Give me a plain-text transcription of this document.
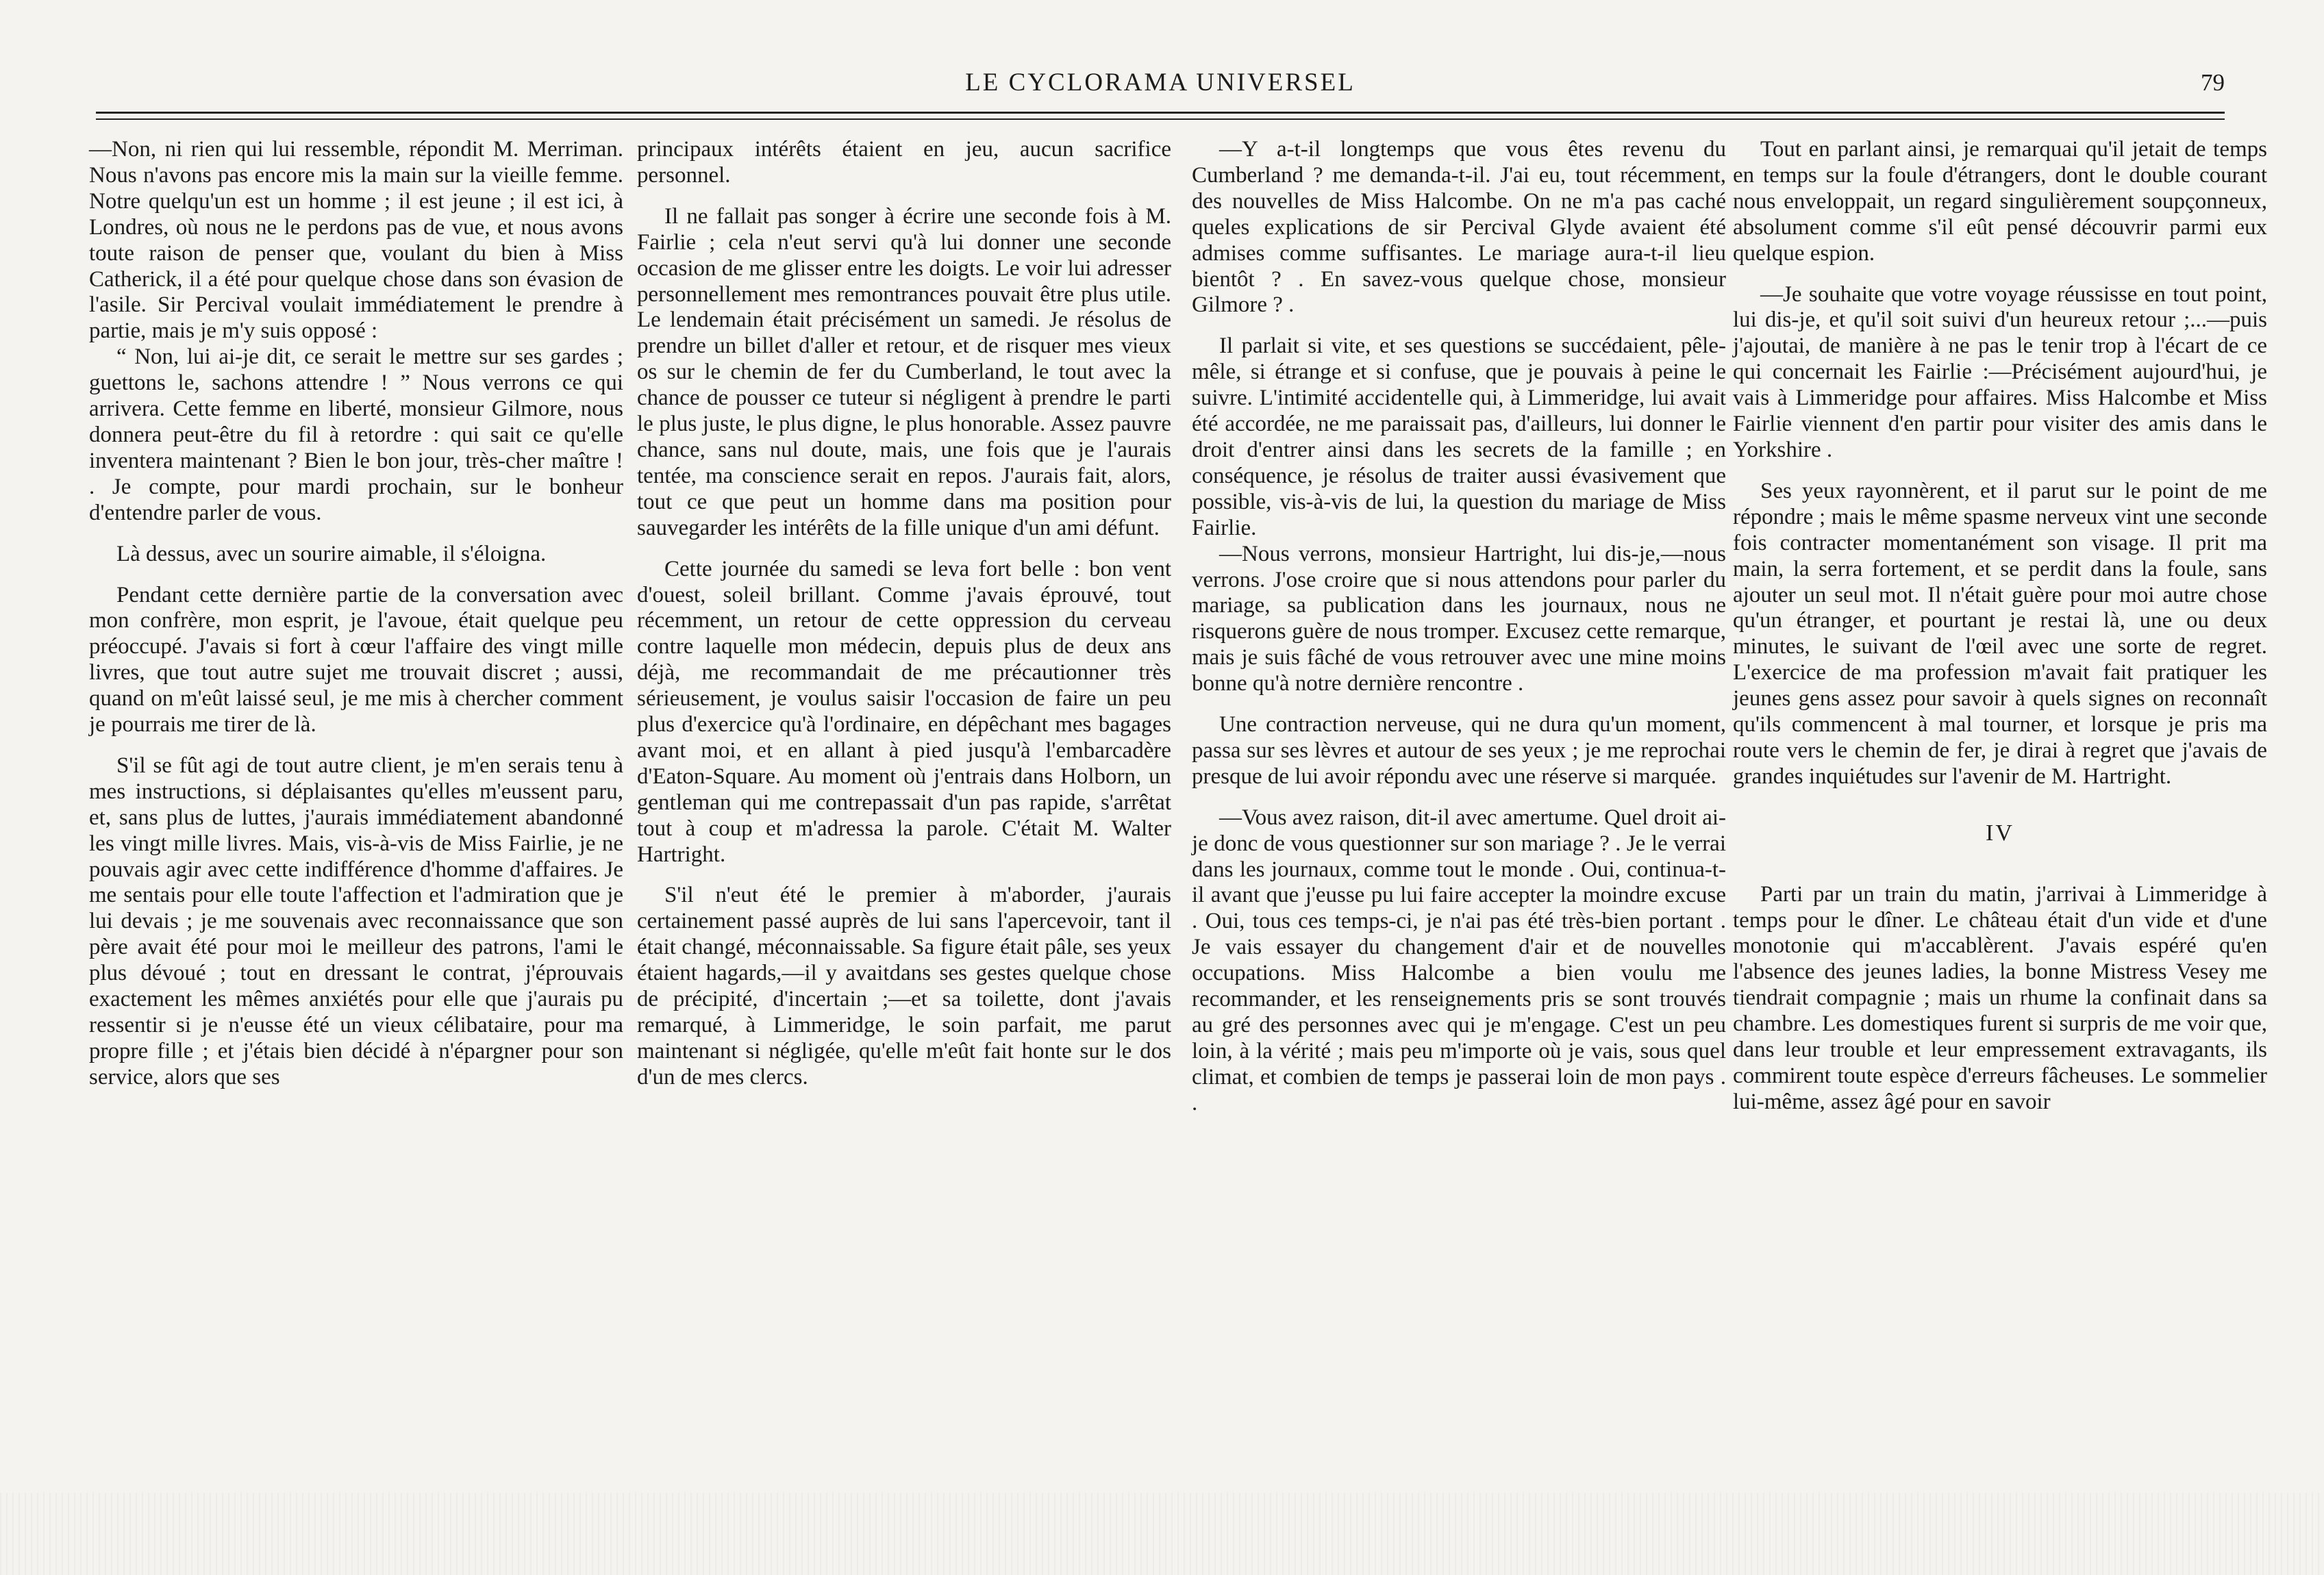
LE CYCLORAMA UNIVERSEL	79

—Non, ni rien qui lui ressemble, répondit M. Merriman. Nous n'avons pas encore mis la main sur la vieille femme. Notre quelqu'un est un homme ; il est jeune ; il est ici, à Londres, où nous ne le perdons pas de vue, et nous avons toute raison de penser que, voulant du bien à Miss Catherick, il a été pour quelque chose dans son évasion de l'asile. Sir Percival voulait immédiatement le prendre à partie, mais je m'y suis opposé :

“ Non, lui ai-je dit, ce serait le mettre sur ses gardes ; guettons le, sachons attendre ! ” Nous verrons ce qui arrivera. Cette femme en liberté, monsieur Gilmore, nous donnera peut-être du fil à retordre : qui sait ce qu'elle inventera maintenant ? Bien le bon jour, très-cher maître ! . Je compte, pour mardi prochain, sur le bonheur d'entendre parler de vous.

Là dessus, avec un sourire aimable, il s'éloigna.

Pendant cette dernière partie de la conversation avec mon confrère, mon esprit, je l'avoue, était quelque peu préoccupé. J'avais si fort à cœur l'affaire des vingt mille livres, que tout autre sujet me trouvait discret ; aussi, quand on m'eût laissé seul, je me mis à chercher comment je pourrais me tirer de là.

S'il se fût agi de tout autre client, je m'en serais tenu à mes instructions, si déplaisantes qu'elles m'eussent paru, et, sans plus de luttes, j'aurais immédiatement abandonné les vingt mille livres. Mais, vis-à-vis de Miss Fairlie, je ne pouvais agir avec cette indifférence d'homme d'affaires. Je me sentais pour elle toute l'affection et l'admiration que je lui devais ; je me souvenais avec reconnaissance que son père avait été pour moi le meilleur des patrons, l'ami le plus dévoué ; tout en dressant le contrat, j'éprouvais exactement les mêmes anxiétés pour elle que j'aurais pu ressentir si je n'eusse été un vieux célibataire, pour ma propre fille ; et j'étais bien décidé à n'épargner pour son service, alors que ses

principaux intérêts étaient en jeu, aucun sacrifice personnel.

Il ne fallait pas songer à écrire une seconde fois à M. Fairlie ; cela n'eut servi qu'à lui donner une seconde occasion de me glisser entre les doigts. Le voir lui adresser personnellement mes remontrances pouvait être plus utile. Le lendemain était précisément un samedi. Je résolus de prendre un billet d'aller et retour, et de risquer mes vieux os sur le chemin de fer du Cumberland, le tout avec la chance de pousser ce tuteur si négligent à prendre le parti le plus juste, le plus digne, le plus honorable. Assez pauvre chance, sans nul doute, mais, une fois que je l'aurais tentée, ma conscience serait en repos. J'aurais fait, alors, tout ce que peut un homme dans ma position pour sauvegarder les intérêts de la fille unique d'un ami défunt.

Cette journée du samedi se leva fort belle : bon vent d'ouest, soleil brillant. Comme j'avais éprouvé, tout récemment, un retour de cette oppression du cerveau contre laquelle mon médecin, depuis plus de deux ans déjà, me recommandait de me précautionner très sérieusement, je voulus saisir l'occasion de faire un peu plus d'exercice qu'à l'ordinaire, en dépêchant mes bagages avant moi, et en allant à pied jusqu'à l'embarcadère d'Eaton-Square. Au moment où j'entrais dans Holborn, un gentleman qui me contrepassait d'un pas rapide, s'arrêtat tout à coup et m'adressa la parole. C'était M. Walter Hartright.

S'il n'eut été le premier à m'aborder, j'aurais certainement passé auprès de lui sans l'apercevoir, tant il était changé, méconnaissable. Sa figure était pâle, ses yeux étaient hagards,—il y avaitdans ses gestes quelque chose de précipité, d'incertain ;—et sa toilette, dont j'avais remarqué, à Limmeridge, le soin parfait, me parut maintenant si négligée, qu'elle m'eût fait honte sur le dos d'un de mes clercs.

—Y a-t-il longtemps que vous êtes revenu du Cumberland ? me demanda-t-il. J'ai eu, tout récemment, des nouvelles de Miss Halcombe. On ne m'a pas caché queles explications de sir Percival Glyde avaient été admises comme suffisantes. Le mariage aura-t-il lieu bientôt ? . En savez-vous quelque chose, monsieur Gilmore ? .

Il parlait si vite, et ses questions se succédaient, pêle-mêle, si étrange et si confuse, que je pouvais à peine le suivre. L'intimité accidentelle qui, à Limmeridge, lui avait été accordée, ne me paraissait pas, d'ailleurs, lui donner le droit d'entrer ainsi dans les secrets de la famille ; en conséquence, je résolus de traiter aussi évasivement que possible, vis-à-vis de lui, la question du mariage de Miss Fairlie.

—Nous verrons, monsieur Hartright, lui dis-je,—nous verrons. J'ose croire que si nous attendons pour parler du mariage, sa publication dans les journaux, nous ne risquerons guère de nous tromper. Excusez cette remarque, mais je suis fâché de vous retrouver avec une mine moins bonne qu'à notre dernière rencontre .

Une contraction nerveuse, qui ne dura qu'un moment, passa sur ses lèvres et autour de ses yeux ; je me reprochai presque de lui avoir répondu avec une réserve si marquée.

—Vous avez raison, dit-il avec amertume. Quel droit ai-je donc de vous questionner sur son mariage ? . Je le verrai dans les journaux, comme tout le monde . Oui, continua-t-il avant que j'eusse pu lui faire accepter la moindre excuse . Oui, tous ces temps-ci, je n'ai pas été très-bien portant . Je vais essayer du changement d'air et de nouvelles occupations. Miss Halcombe a bien voulu me recommander, et les renseignements pris se sont trouvés au gré des personnes avec qui je m'engage. C'est un peu loin, à la vérité ; mais peu m'importe où je vais, sous quel climat, et combien de temps je passerai loin de mon pays . .

Tout en parlant ainsi, je remarquai qu'il jetait de temps en temps sur la foule d'étrangers, dont le double courant nous enveloppait, un regard singulièrement soupçonneux, absolument comme s'il eût pensé découvrir parmi eux quelque espion.

—Je souhaite que votre voyage réussisse en tout point, lui dis-je, et qu'il soit suivi d'un heureux retour ;...—puis j'ajoutai, de manière à ne pas le tenir trop à l'écart de ce qui concernait les Fairlie :—Précisément aujourd'hui, je vais à Limmeridge pour affaires. Miss Halcombe et Miss Fairlie viennent d'en partir pour visiter des amis dans le Yorkshire .

Ses yeux rayonnèrent, et il parut sur le point de me répondre ; mais le même spasme nerveux vint une seconde fois contracter momentanément son visage. Il prit ma main, la serra fortement, et se perdit dans la foule, sans ajouter un seul mot. Il n'était guère pour moi autre chose qu'un étranger, et pourtant je restai là, une ou deux minutes, le suivant de l'œil avec une sorte de regret. L'exercice de ma profession m'avait fait pratiquer les jeunes gens assez pour savoir à quels signes on reconnaît qu'ils commencent à mal tourner, et lorsque je pris ma route vers le chemin de fer, je dirai à regret que j'avais de grandes inquiétudes sur l'avenir de M. Hartright.

IV

Parti par un train du matin, j'arrivai à Limmeridge à temps pour le dîner. Le château était d'un vide et d'une monotonie qui m'accablèrent. J'avais espéré qu'en l'absence des jeunes ladies, la bonne Mistress Vesey me tiendrait compagnie ; mais un rhume la confinait dans sa chambre. Les domestiques furent si surpris de me voir que, dans leur trouble et leur empressement extravagants, ils commirent toute espèce d'erreurs fâcheuses. Le sommelier lui-même, assez âgé pour en savoir
